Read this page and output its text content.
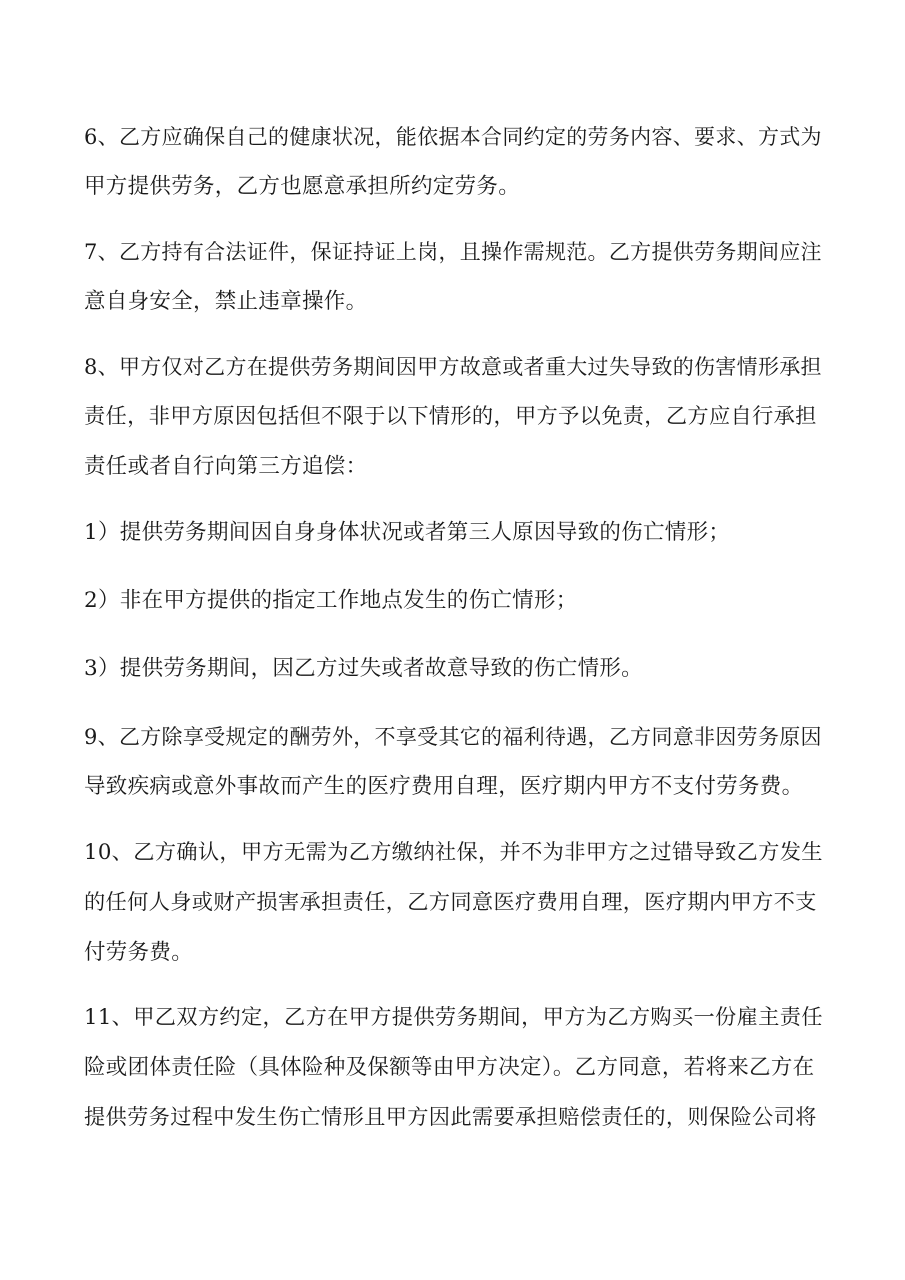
6、乙方应确保自己的健康状况，能依据本合同约定的劳务内容、要求、方式为
甲方提供劳务，乙方也愿意承担所约定劳务。
7、乙方持有合法证件，保证持证上岗，且操作需规范。乙方提供劳务期间应注
意自身安全，禁止违章操作。
8、甲方仅对乙方在提供劳务期间因甲方故意或者重大过失导致的伤害情形承担
责任，非甲方原因包括但不限于以下情形的，甲方予以免责，乙方应自行承担
责任或者自行向第三方追偿：
1）提供劳务期间因自身身体状况或者第三人原因导致的伤亡情形；
2）非在甲方提供的指定工作地点发生的伤亡情形；
3）提供劳务期间，因乙方过失或者故意导致的伤亡情形。
9、乙方除享受规定的酬劳外，不享受其它的福利待遇，乙方同意非因劳务原因
导致疾病或意外事故而产生的医疗费用自理，医疗期内甲方不支付劳务费。
10、乙方确认，甲方无需为乙方缴纳社保，并不为非甲方之过错导致乙方发生
的任何人身或财产损害承担责任，乙方同意医疗费用自理，医疗期内甲方不支
付劳务费。
11、甲乙双方约定，乙方在甲方提供劳务期间，甲方为乙方购买一份雇主责任
险或团体责任险（具体险种及保额等由甲方决定）。乙方同意，若将来乙方在
提供劳务过程中发生伤亡情形且甲方因此需要承担赔偿责任的，则保险公司将
